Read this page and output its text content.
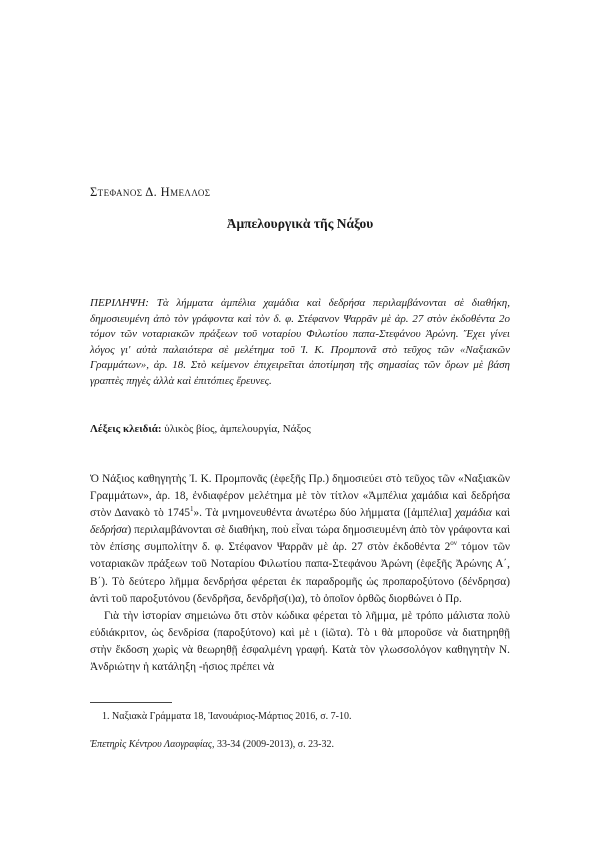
Στεφανος Δ. Ημελλος
Ἀμπελουργικὰ τῆς Νάξου
ΠΕΡΙΛΗΨΗ: Τὰ λήμματα ἀμπέλια χαμάδια καὶ δεδρήσα περιλαμβάνονται σὲ διαθήκη, δημοσιευμένη ἀπὸ τὸν γράφοντα καὶ τὸν δ. φ. Στέφανον Ψαρρᾶν μὲ ἀρ. 27 στὸν ἐκδοθέντα 2ο τόμον τῶν νοταριακῶν πράξεων τοῦ νοταρίου Φιλωτίου παπα-Στεφάνου Ἀρώνη. Ἔχει γίνει λόγος γι' αὐτὰ παλαιότερα σὲ μελέτημα τοῦ Ἰ. Κ. Προμπονᾶ στὸ τεῦχος τῶν «Ναξιακῶν Γραμμάτων», ἀρ. 18. Στὸ κείμενον ἐπιχειρεῖται ἀποτίμηση τῆς σημασίας τῶν ὅρων μὲ βάση γραπτὲς πηγὲς ἀλλὰ καὶ ἐπιτόπιες ἔρευνες.
Λέξεις κλειδιά: ὑλικὸς βίος, ἀμπελουργία, Νάξος

Ὁ Νάξιος καθηγητὴς Ἰ. Κ. Προμπονᾶς (ἑφεξῆς Πρ.) δημοσιεύει στὸ τεῦχος τῶν «Ναξιακῶν Γραμμάτων», ἀρ. 18, ἐνδιαφέρον μελέτημα μὲ τὸν τίτλον «Ἀμπέλια χαμάδια καὶ δεδρήσα στὸν Δανακὸ τὸ 1745$^1$». Τὰ μνημονευθέντα ἀνωτέρω δύο λήμματα ([ἀμπέλια] χαμάδια καὶ δεδρήσα) περιλαμβάνονται σὲ διαθήκη, ποὺ εἶναι τώρα δημοσιευμένη ἀπὸ τὸν γράφοντα καὶ τὸν ἐπίσης συμπολίτην δ. φ. Στέφανον Ψαρρᾶν μὲ ἀρ. 27 στὸν ἐκδοθέντα $2^{o\nu}$ τόμον τῶν νοταριακῶν πράξεων τοῦ Νοταρίου Φιλωτίου παπα-Στεφάνου Ἀρώνη (ἑφεξῆς Ἀρώνης Α΄, Β΄). Τὸ δεύτερο λῆμμα δενδρήσα φέρεται ἐκ παραδρομῆς ὡς προπαροξύτονο (δένδρησα) ἀντὶ τοῦ παροξυτόνου (δενδρῆσα, δενδρῆσ(ι)α), τὸ ὁποῖον ὀρθῶς διορθώνει ὁ Πρ.

Γιὰ τὴν ἱστορίαν σημειώνω ὅτι στὸν κώδικα φέρεται τὸ λῆμμα, μὲ τρόπο μάλιστα πολὺ εὐδιάκριτον, ὡς δενδρίσα (παροξύτονο) καὶ μὲ ι (ἰῶτα). Τὸ ι θὰ μποροῦσε νὰ διατηρηθῇ στὴν ἔκδοση χωρὶς νὰ θεωρηθῇ ἐσφαλμένη γραφή. Κατὰ τὸν γλωσσολόγον καθηγητὴν Ν. Ἀνδριώτην ἡ κατάληξη -ήσιος πρέπει νὰ

1. Ναξιακὰ Γράμματα 18, Ἰανουάριος-Μάρτιος 2016, σ. 7-10.
Ἐπετηρὶς Κέντρου Λαογραφίας, 33-34 (2009-2013), σ. 23-32.
